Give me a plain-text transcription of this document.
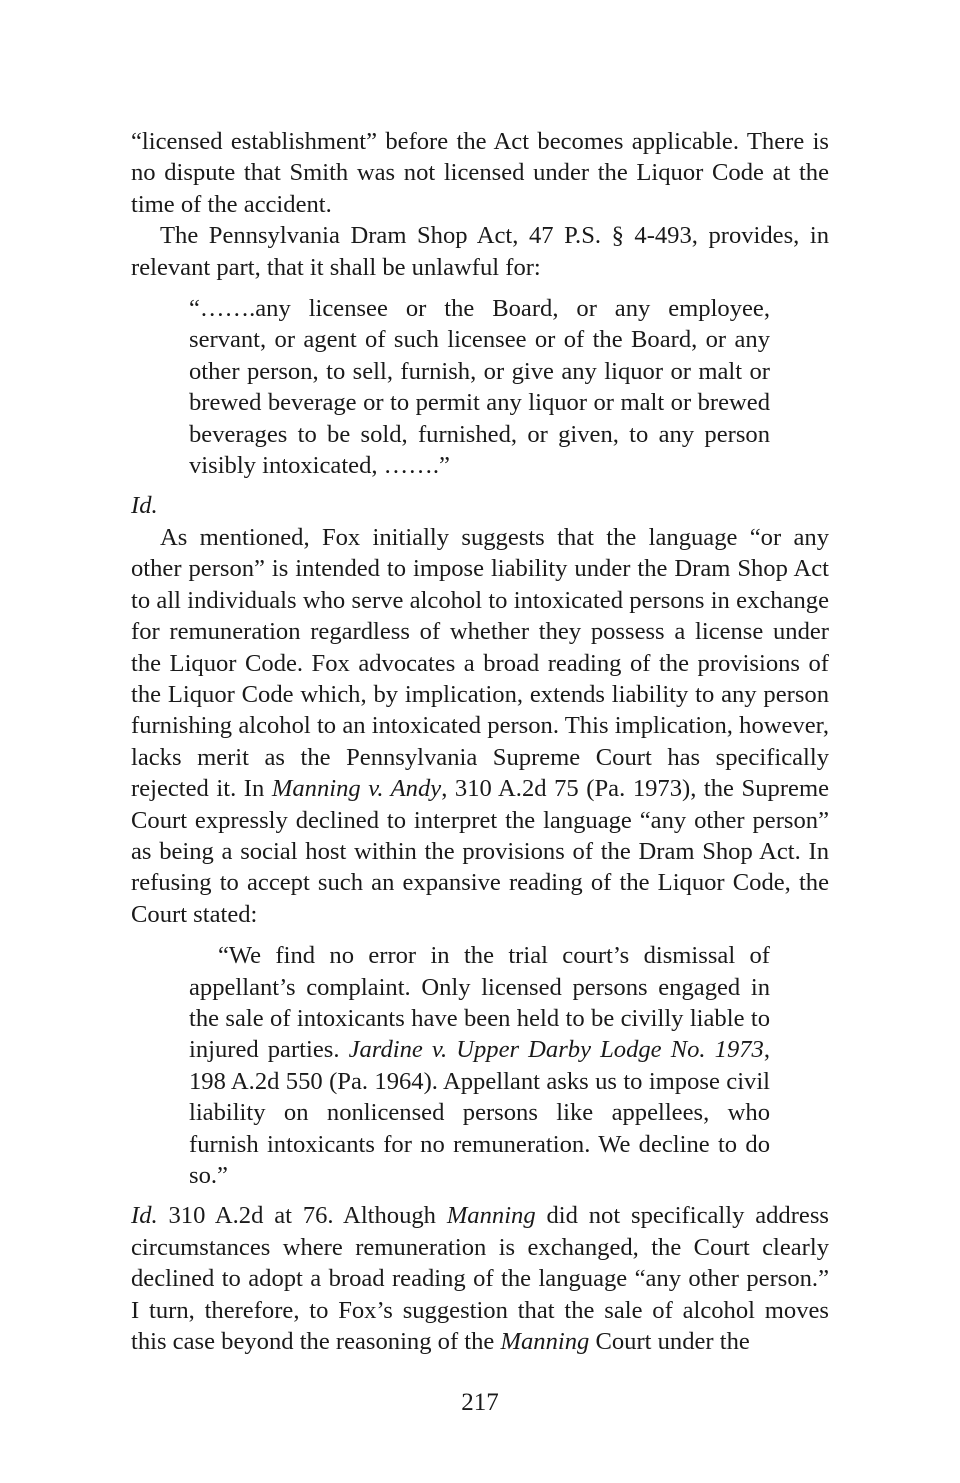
“licensed establishment” before the Act becomes applicable. There is no dispute that Smith was not licensed under the Liquor Code at the time of the accident.

The Pennsylvania Dram Shop Act, 47 P.S. § 4-493, provides, in relevant part, that it shall be unlawful for:

“…….any licensee or the Board, or any employee, servant, or agent of such licensee or of the Board, or any other person, to sell, furnish, or give any liquor or malt or brewed beverage or to permit any liquor or malt or brewed beverages to be sold, furnished, or given, to any person visibly intoxicated, …….”

Id.

As mentioned, Fox initially suggests that the language “or any other person” is intended to impose liability under the Dram Shop Act to all individuals who serve alcohol to intoxicated persons in exchange for remuneration regardless of whether they possess a license under the Liquor Code. Fox advocates a broad reading of the provisions of the Liquor Code which, by implication, extends liability to any person furnishing alcohol to an intoxicated person. This implication, however, lacks merit as the Pennsylvania Supreme Court has specifically rejected it. In Manning v. Andy, 310 A.2d 75 (Pa. 1973), the Supreme Court expressly declined to interpret the language “any other person” as being a social host within the provisions of the Dram Shop Act. In refusing to accept such an expansive reading of the Liquor Code, the Court stated:

“We find no error in the trial court’s dismissal of appellant’s complaint. Only licensed persons engaged in the sale of intoxicants have been held to be civilly liable to injured parties. Jardine v. Upper Darby Lodge No. 1973, 198 A.2d 550 (Pa. 1964). Appellant asks us to impose civil liability on nonlicensed persons like appellees, who furnish intoxicants for no remuneration. We decline to do so.”

Id. 310 A.2d at 76. Although Manning did not specifically address circumstances where remuneration is exchanged, the Court clearly declined to adopt a broad reading of the language “any other person.” I turn, therefore, to Fox’s suggestion that the sale of alcohol moves this case beyond the reasoning of the Manning Court under the

217
